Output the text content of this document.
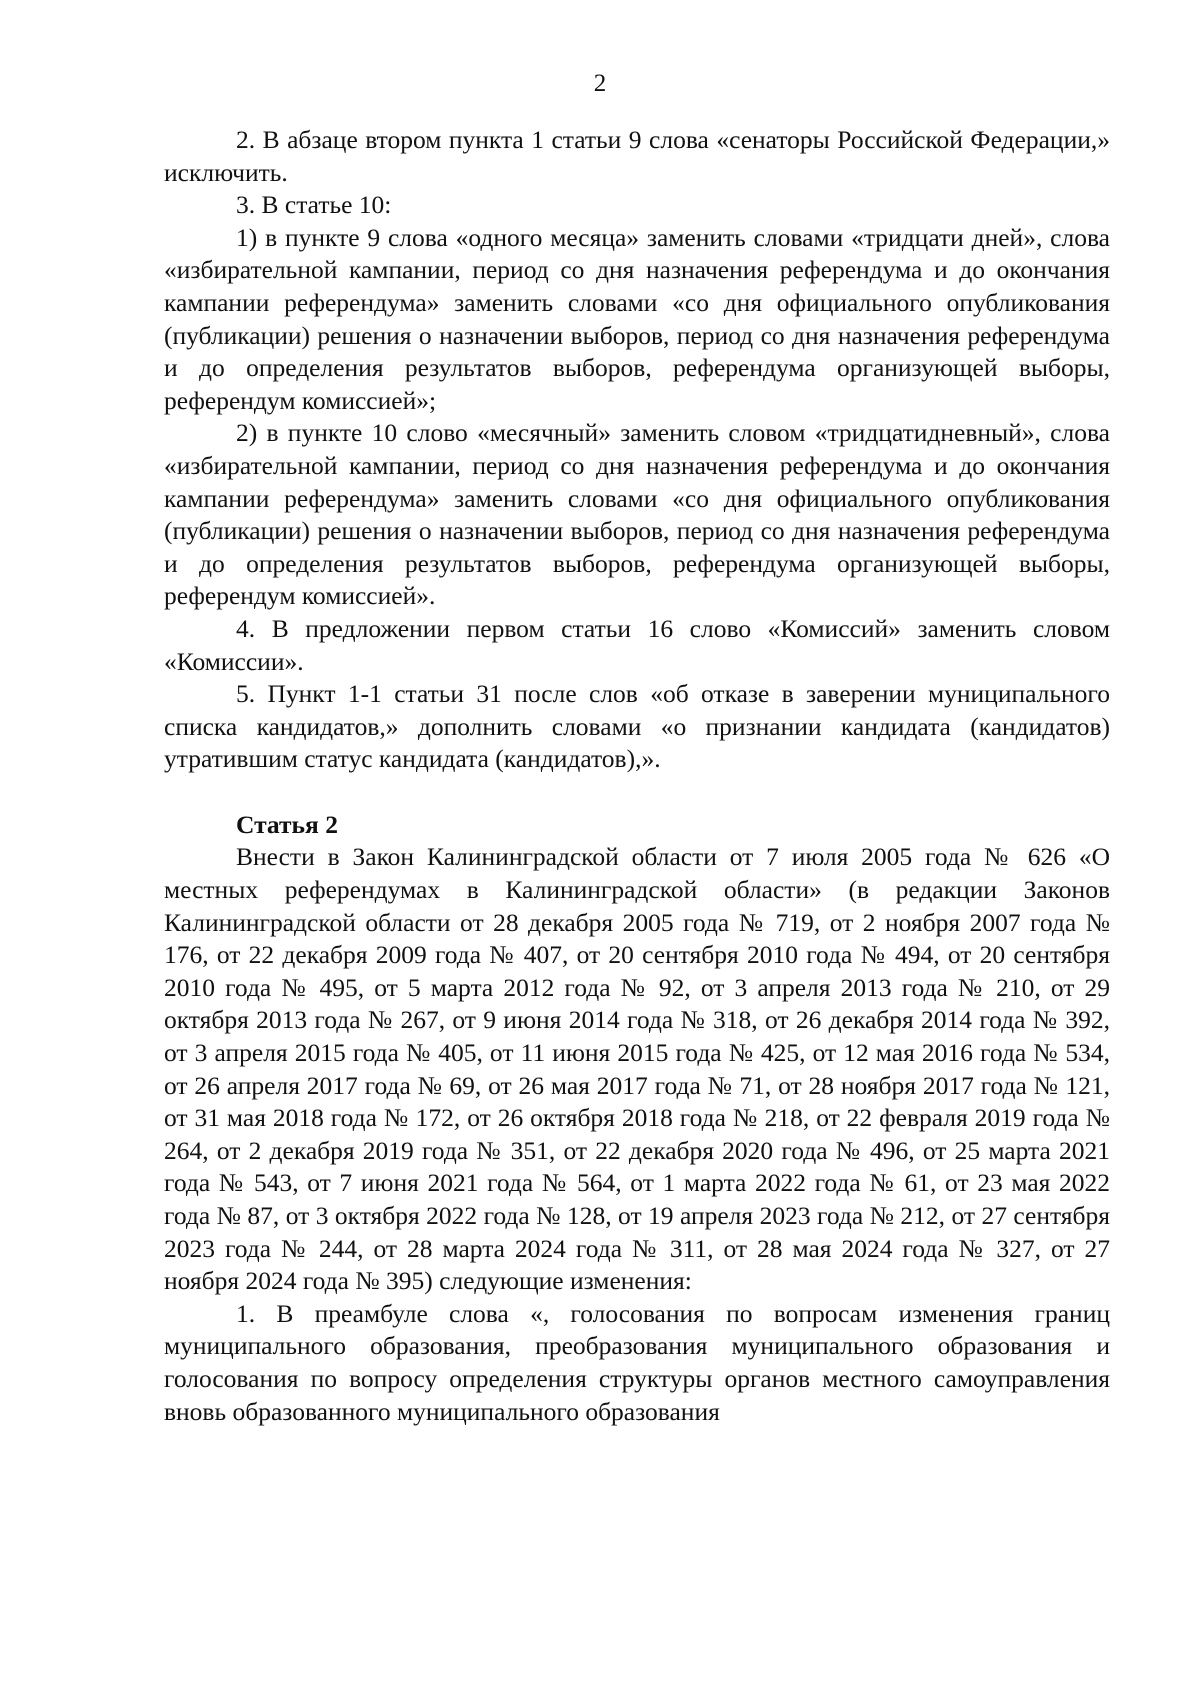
2

2. В абзаце втором пункта 1 статьи 9 слова «сенаторы Российской Федерации,» исключить.

3. В статье 10:

1) в пункте 9 слова «одного месяца» заменить словами «тридцати дней», слова «избирательной кампании, период со дня назначения референдума и до окончания кампании референдума» заменить словами «со дня официального опубликования (публикации) решения о назначении выборов, период со дня назначения референдума и до определения результатов выборов, референдума организующей выборы, референдум комиссией»;

2) в пункте 10 слово «месячный» заменить словом «тридцатидневный», слова «избирательной кампании, период со дня назначения референдума и до окончания кампании референдума» заменить словами «со дня официального опубликования (публикации) решения о назначении выборов, период со дня назначения референдума и до определения результатов выборов, референдума организующей выборы, референдум комиссией».

4. В предложении первом статьи 16 слово «Комиссий» заменить словом «Комиссии».

5. Пункт 1-1 статьи 31 после слов «об отказе в заверении муниципального списка кандидатов,» дополнить словами «о признании кандидата (кандидатов) утратившим статус кандидата (кандидатов),».

Статья 2

Внести в Закон Калининградской области от 7 июля 2005 года № 626 «О местных референдумах в Калининградской области» (в редакции Законов Калининградской области от 28 декабря 2005 года № 719, от 2 ноября 2007 года № 176, от 22 декабря 2009 года № 407, от 20 сентября 2010 года № 494, от 20 сентября 2010 года № 495, от 5 марта 2012 года № 92, от 3 апреля 2013 года № 210, от 29 октября 2013 года № 267, от 9 июня 2014 года № 318, от 26 декабря 2014 года № 392, от 3 апреля 2015 года № 405, от 11 июня 2015 года № 425, от 12 мая 2016 года № 534, от 26 апреля 2017 года № 69, от 26 мая 2017 года № 71, от 28 ноября 2017 года № 121, от 31 мая 2018 года № 172, от 26 октября 2018 года № 218, от 22 февраля 2019 года № 264, от 2 декабря 2019 года № 351, от 22 декабря 2020 года № 496, от 25 марта 2021 года № 543, от 7 июня 2021 года № 564, от 1 марта 2022 года № 61, от 23 мая 2022 года № 87, от 3 октября 2022 года № 128, от 19 апреля 2023 года № 212, от 27 сентября 2023 года № 244, от 28 марта 2024 года № 311, от 28 мая 2024 года № 327, от 27 ноября 2024 года № 395) следующие изменения:

1. В преамбуле слова «, голосования по вопросам изменения границ муниципального образования, преобразования муниципального образования и голосования по вопросу определения структуры органов местного самоуправления вновь образованного муниципального образования
